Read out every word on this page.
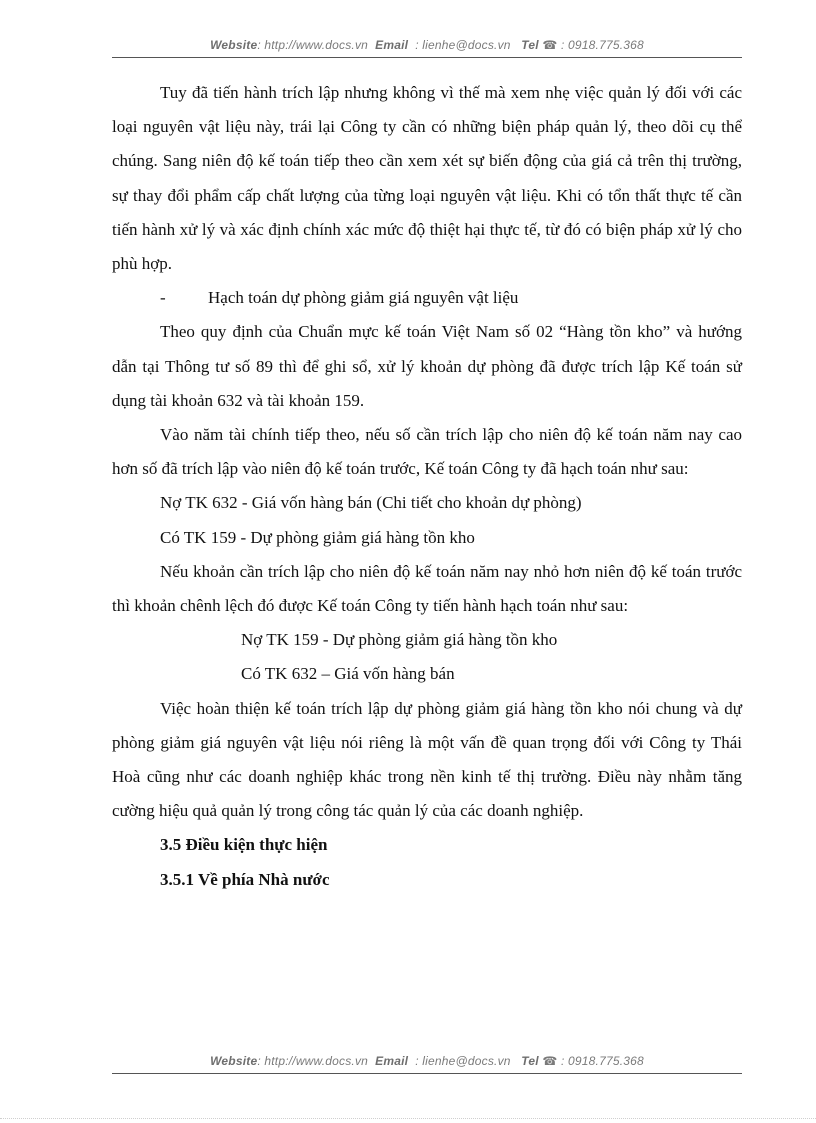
Website: http://www.docs.vn Email : lienhe@docs.vn Tel ☎ : 0918.775.368

Tuy đã tiến hành trích lập nhưng không vì thế mà xem nhẹ việc quản lý đối với các loại nguyên vật liệu này, trái lại Công ty cần có những biện pháp quản lý, theo dõi cụ thể chúng. Sang niên độ kế toán tiếp theo cần xem xét sự biến động của giá cả trên thị trường, sự thay đổi phẩm cấp chất lượng của từng loại nguyên vật liệu. Khi có tổn thất thực tế cần tiến hành xử lý và xác định chính xác mức độ thiệt hại thực tế, từ đó có biện pháp xử lý cho phù hợp.

- Hạch toán dự phòng giảm giá nguyên vật liệu

Theo quy định của Chuẩn mực kế toán Việt Nam số 02 “Hàng tồn kho” và hướng dẫn tại Thông tư số 89 thì để ghi sổ, xử lý khoản dự phòng đã được trích lập Kế toán sử dụng tài khoản 632 và tài khoản 159.

Vào năm tài chính tiếp theo, nếu số cần trích lập cho niên độ kế toán năm nay cao hơn số đã trích lập vào niên độ kế toán trước, Kế toán Công ty đã hạch toán như sau:

Nợ TK 632 - Giá vốn hàng bán (Chi tiết cho khoản dự phòng)

Có TK 159 - Dự phòng giảm giá hàng tồn kho

Nếu khoản cần trích lập cho niên độ kế toán năm nay nhỏ hơn niên độ kế toán trước thì khoản chênh lệch đó được Kế toán Công ty tiến hành hạch toán như sau:

Nợ TK 159 - Dự phòng giảm giá hàng tồn kho

Có TK 632 – Giá vốn hàng bán

Việc hoàn thiện kế toán trích lập dự phòng giảm giá hàng tồn kho nói chung và dự phòng giảm giá nguyên vật liệu nói riêng là một vấn đề quan trọng đối với Công ty Thái Hoà cũng như các doanh nghiệp khác trong nền kinh tế thị trường. Điều này nhằm tăng cường hiệu quả quản lý trong công tác quản lý của các doanh nghiệp.

3.5 Điều kiện thực hiện

3.5.1 Về phía Nhà nước

Website: http://www.docs.vn Email : lienhe@docs.vn Tel ☎ : 0918.775.368
